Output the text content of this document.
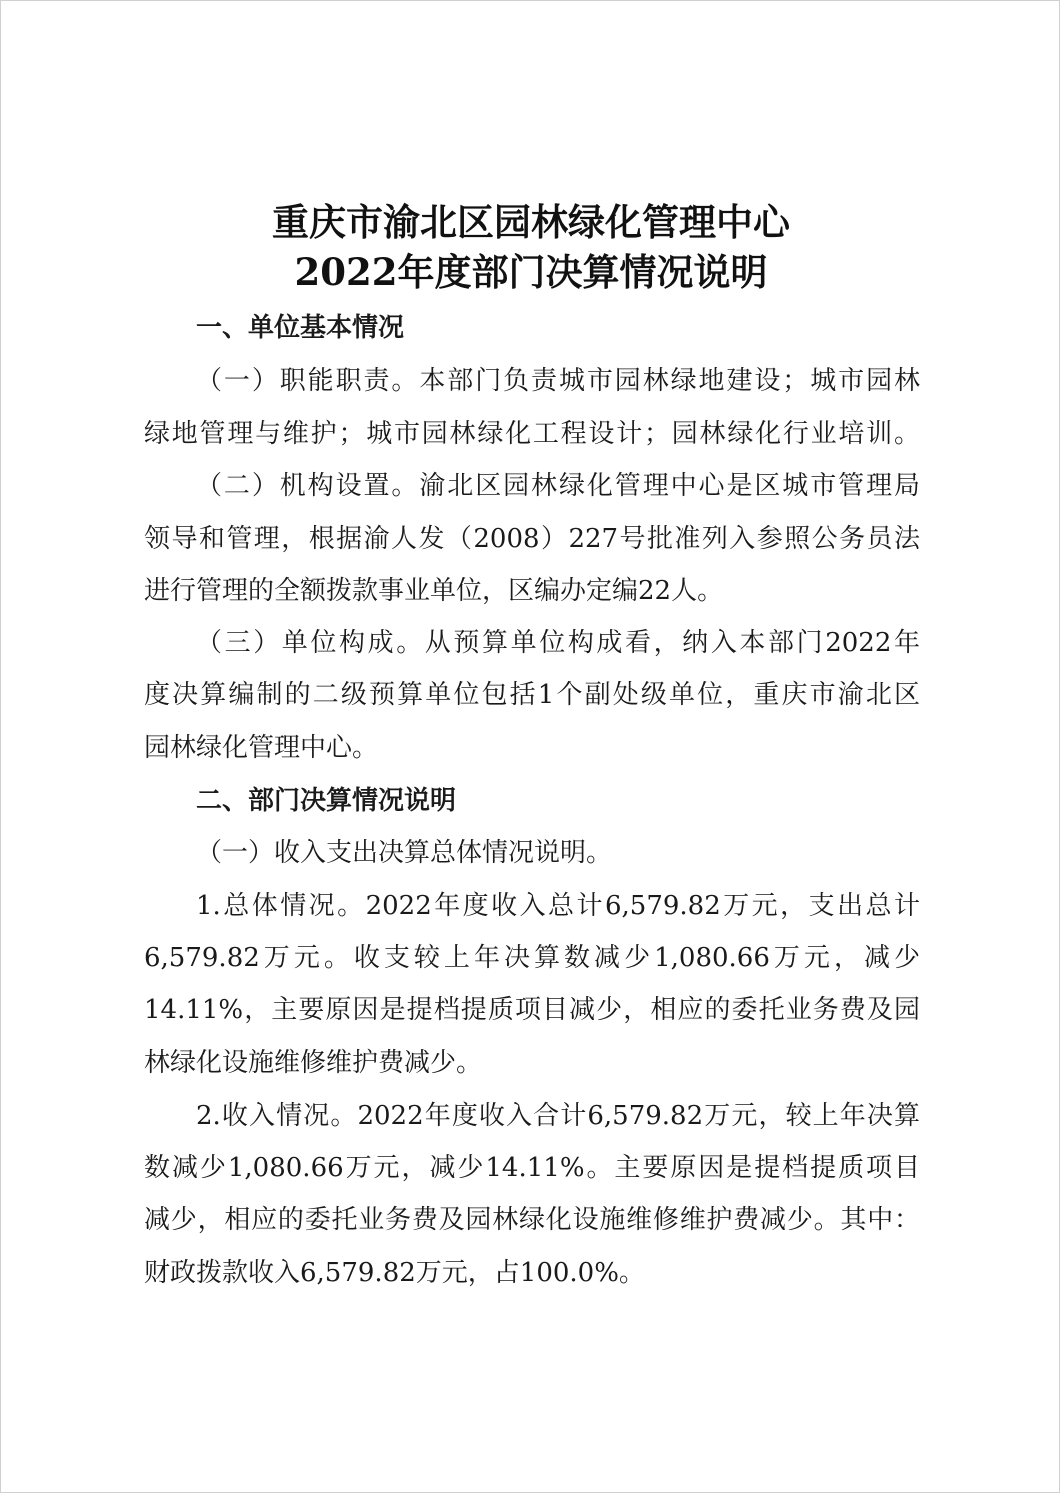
重庆市渝北区园林绿化管理中心
2022年度部门决算情况说明
一、单位基本情况
（一）职能职责。本部门负责城市园林绿地建设；城市园林
绿地管理与维护；城市园林绿化工程设计；园林绿化行业培训。
（二）机构设置。渝北区园林绿化管理中心是区城市管理局
领导和管理，根据渝人发（2008）227号批准列入参照公务员法
进行管理的全额拨款事业单位，区编办定编22人。
（三）单位构成。从预算单位构成看，纳入本部门2022年
度决算编制的二级预算单位包括1个副处级单位，重庆市渝北区
园林绿化管理中心。
二、部门决算情况说明
（一）收入支出决算总体情况说明。
1.总体情况。2022年度收入总计6,579.82万元，支出总计
6,579.82万元。收支较上年决算数减少1,080.66万元，减少
14.11%，主要原因是提档提质项目减少，相应的委托业务费及园
林绿化设施维修维护费减少。
2.收入情况。2022年度收入合计6,579.82万元，较上年决算
数减少1,080.66万元，减少14.11%。主要原因是提档提质项目
减少，相应的委托业务费及园林绿化设施维修维护费减少。其中：
财政拨款收入6,579.82万元，占100.0%。
